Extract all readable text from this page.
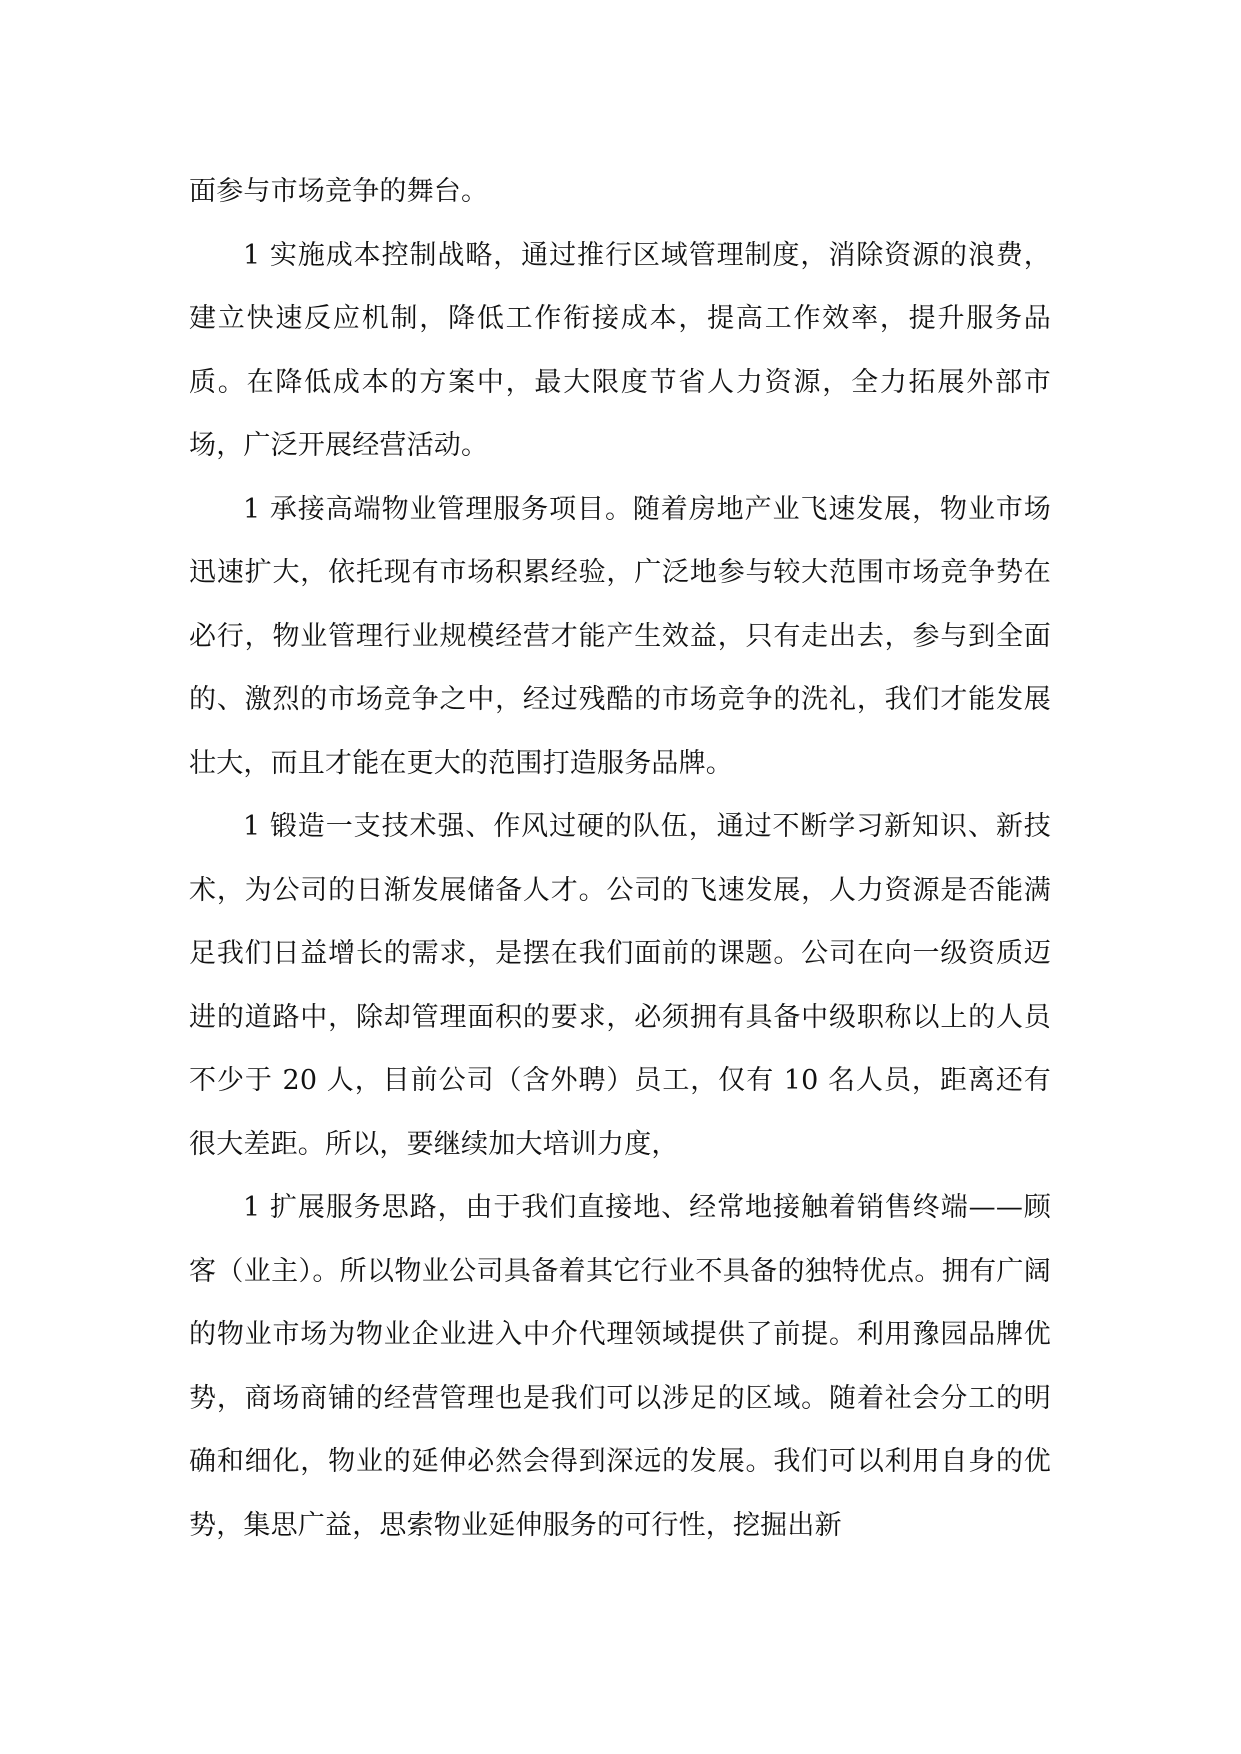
面参与市场竞争的舞台。

1 实施成本控制战略，通过推行区域管理制度，消除资源的浪费，建立快速反应机制，降低工作衔接成本，提高工作效率，提升服务品质。在降低成本的方案中，最大限度节省人力资源，全力拓展外部市场，广泛开展经营活动。

1 承接高端物业管理服务项目。随着房地产业飞速发展，物业市场迅速扩大，依托现有市场积累经验，广泛地参与较大范围市场竞争势在必行，物业管理行业规模经营才能产生效益，只有走出去，参与到全面的、激烈的市场竞争之中，经过残酷的市场竞争的洗礼，我们才能发展壮大，而且才能在更大的范围打造服务品牌。

1 锻造一支技术强、作风过硬的队伍，通过不断学习新知识、新技术，为公司的日渐发展储备人才。公司的飞速发展，人力资源是否能满足我们日益增长的需求，是摆在我们面前的课题。公司在向一级资质迈进的道路中，除却管理面积的要求，必须拥有具备中级职称以上的人员不少于 20 人，目前公司（含外聘）员工，仅有 10 名人员，距离还有很大差距。所以，要继续加大培训力度，

1 扩展服务思路，由于我们直接地、经常地接触着销售终端——顾客（业主）。所以物业公司具备着其它行业不具备的独特优点。拥有广阔的物业市场为物业企业进入中介代理领域提供了前提。利用豫园品牌优势，商场商铺的经营管理也是我们可以涉足的区域。随着社会分工的明确和细化，物业的延伸必然会得到深远的发展。我们可以利用自身的优势，集思广益，思索物业延伸服务的可行性，挖掘出新
